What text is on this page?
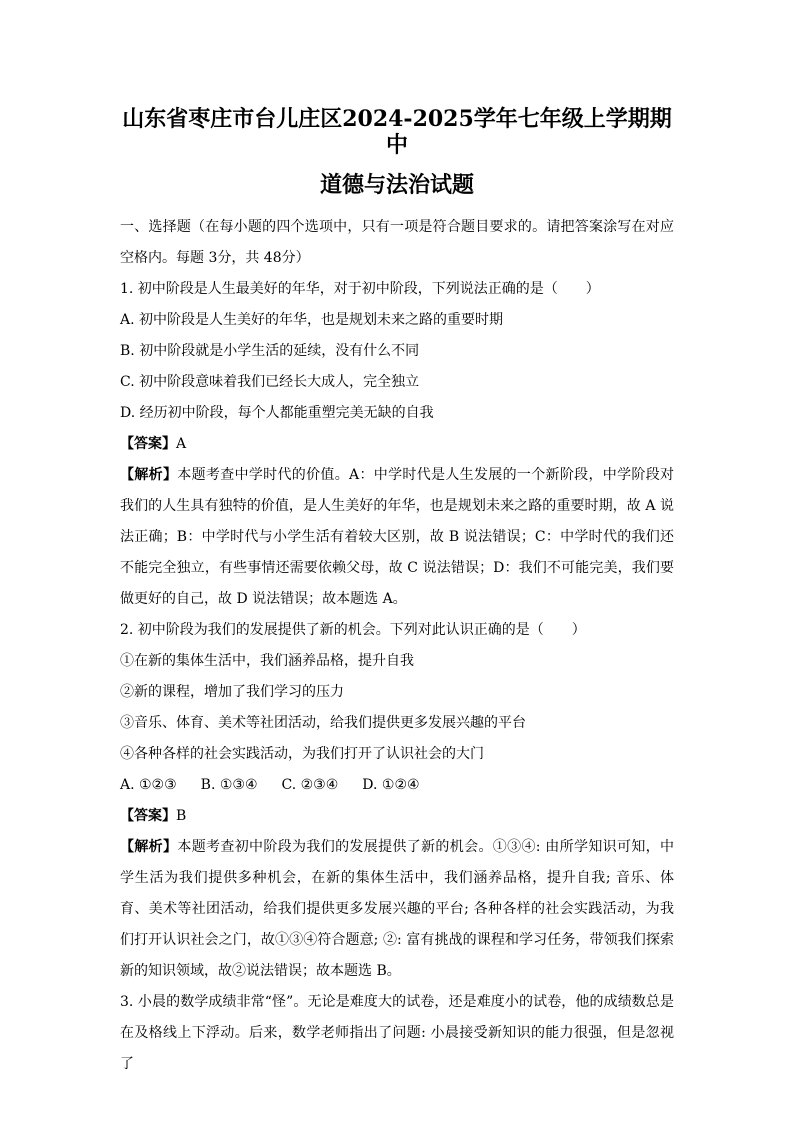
山东省枣庄市台儿庄区2024-2025学年七年级上学期期中
道德与法治试题

一、选择题（在每小题的四个选项中，只有一项是符合题目要求的。请把答案涂写在对应空格内。每题 3分，共 48分）

1. 初中阶段是人生最美好的年华，对于初中阶段，下列说法正确的是（　　）

A. 初中阶段是人生美好的年华，也是规划未来之路的重要时期

B. 初中阶段就是小学生活的延续，没有什么不同

C. 初中阶段意味着我们已经长大成人，完全独立

D. 经历初中阶段，每个人都能重塑完美无缺的自我

【答案】A

【解析】本题考查中学时代的价值。A：中学时代是人生发展的一个新阶段，中学阶段对我们的人生具有独特的价值，是人生美好的年华，也是规划未来之路的重要时期，故 A 说法正确；B：中学时代与小学生活有着较大区别，故 B 说法错误；C：中学时代的我们还不能完全独立，有些事情还需要依赖父母，故 C 说法错误；D：我们不可能完美，我们要做更好的自己，故 D 说法错误；故本题选 A。

2. 初中阶段为我们的发展提供了新的机会。下列对此认识正确的是（　　）

①在新的集体生活中，我们涵养品格，提升自我

②新的课程，增加了我们学习的压力

③音乐、体育、美术等社团活动，给我们提供更多发展兴趣的平台

④各种各样的社会实践活动，为我们打开了认识社会的大门

A. ①②③ B. ①③④ C. ②③④ D. ①②④

【答案】B

【解析】本题考查初中阶段为我们的发展提供了新的机会。①③④: 由所学知识可知，中学生活为我们提供多种机会，在新的集体生活中，我们涵养品格，提升自我; 音乐、体育、美术等社团活动，给我们提供更多发展兴趣的平台; 各种各样的社会实践活动，为我们打开认识社会之门，故①③④符合题意; ②: 富有挑战的课程和学习任务，带领我们探索新的知识领域，故②说法错误；故本题选 B。

3. 小晨的数学成绩非常“怪”。无论是难度大的试卷，还是难度小的试卷，他的成绩数总是在及格线上下浮动。后来，数学老师指出了问题: 小晨接受新知识的能力很强，但是忽视了
